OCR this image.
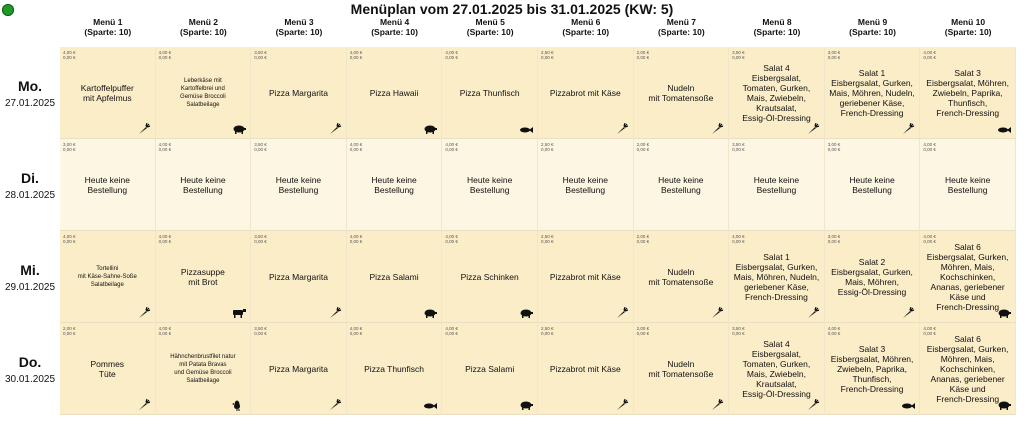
Menüplan vom 27.01.2025 bis 31.01.2025 (KW: 5)
Menü 1
(Sparte: 10)
Menü 2
(Sparte: 10)
Menü 3
(Sparte: 10)
Menü 4
(Sparte: 10)
Menü 5
(Sparte: 10)
Menü 6
(Sparte: 10)
Menü 7
(Sparte: 10)
Menü 8
(Sparte: 10)
Menü 9
(Sparte: 10)
Menü 10
(Sparte: 10)
Mo.
27.01.2025
4,00 €
0,00 €
Kartoffelpuffer
mit Apfelmus
4,00 €
0,00 €
Leberkäse mit
Kartoffelbrei und
Gemüse Broccoli
Salatbeilage
3,50 €
0,00 €
Pizza Margarita
4,00 €
0,00 €
Pizza Hawaii
4,00 €
0,00 €
Pizza Thunfisch
2,50 €
0,00 €
Pizzabrot mit Käse
2,00 €
0,00 €
Nudeln
mit Tomatensoße
3,50 €
0,00 €
Salat 4
Eisbergsalat,
Tomaten, Gurken,
Mais, Zwiebeln,
Krautsalat,
Essig-Öl-Dressing
3,00 €
0,00 €
Salat 1
Eisbergsalat, Gurken,
Mais, Möhren, Nudeln,
geriebener Käse,
French-Dressing
4,00 €
0,00 €
Salat 3
Eisbergsalat, Möhren,
Zwiebeln, Paprika,
Thunfisch,
French-Dressing
Di.
28.01.2025
3,00 €
0,00 €
Heute keine
Bestellung
4,00 €
0,00 €
Heute keine
Bestellung
3,50 €
0,00 €
Heute keine
Bestellung
4,00 €
0,00 €
Heute keine
Bestellung
4,00 €
0,00 €
Heute keine
Bestellung
2,50 €
0,00 €
Heute keine
Bestellung
2,00 €
0,00 €
Heute keine
Bestellung
3,50 €
0,00 €
Heute keine
Bestellung
3,00 €
0,00 €
Heute keine
Bestellung
4,00 €
0,00 €
Heute keine
Bestellung
Mi.
29.01.2025
4,00 €
0,00 €
Tortellini
mit Käse-Sahne-Soße
Salatbeilage
4,00 €
0,00 €
Pizzasuppe
mit Brot
3,50 €
0,00 €
Pizza Margarita
4,00 €
0,00 €
Pizza Salami
4,00 €
0,00 €
Pizza Schinken
2,50 €
0,00 €
Pizzabrot mit Käse
2,00 €
0,00 €
Nudeln
mit Tomatensoße
4,00 €
0,00 €
Salat 1
Eisbergsalat, Gurken,
Mais, Möhren, Nudeln,
geriebener Käse,
French-Dressing
3,00 €
0,00 €
Salat 2
Eisbergsalat, Gurken,
Mais, Möhren,
Essig-Öl-Dressing
4,00 €
0,00 €
Salat 6
Eisbergsalat, Gurken,
Möhren, Mais,
Kochschinken,
Ananas, geriebener
Käse und
French-Dressing
Do.
30.01.2025
2,00 €
0,00 €
Pommes
Tüte
4,00 €
0,00 €
Hähnchenbrustfilet natur
mit Patata Bravas
und Gemüse Broccoli
Salatbeilage
3,50 €
0,00 €
Pizza Margarita
4,00 €
0,00 €
Pizza Thunfisch
4,00 €
0,00 €
Pizza Salami
2,50 €
0,00 €
Pizzabrot mit Käse
2,00 €
0,00 €
Nudeln
mit Tomatensoße
3,50 €
0,00 €
Salat 4
Eisbergsalat,
Tomaten, Gurken,
Mais, Zwiebeln,
Krautsalat,
Essig-Öl-Dressing
4,00 €
0,00 €
Salat 3
Eisbergsalat, Möhren,
Zwiebeln, Paprika,
Thunfisch,
French-Dressing
4,00 €
0,00 €
Salat 6
Eisbergsalat, Gurken,
Möhren, Mais,
Kochschinken,
Ananas, geriebener
Käse und
French-Dressing
